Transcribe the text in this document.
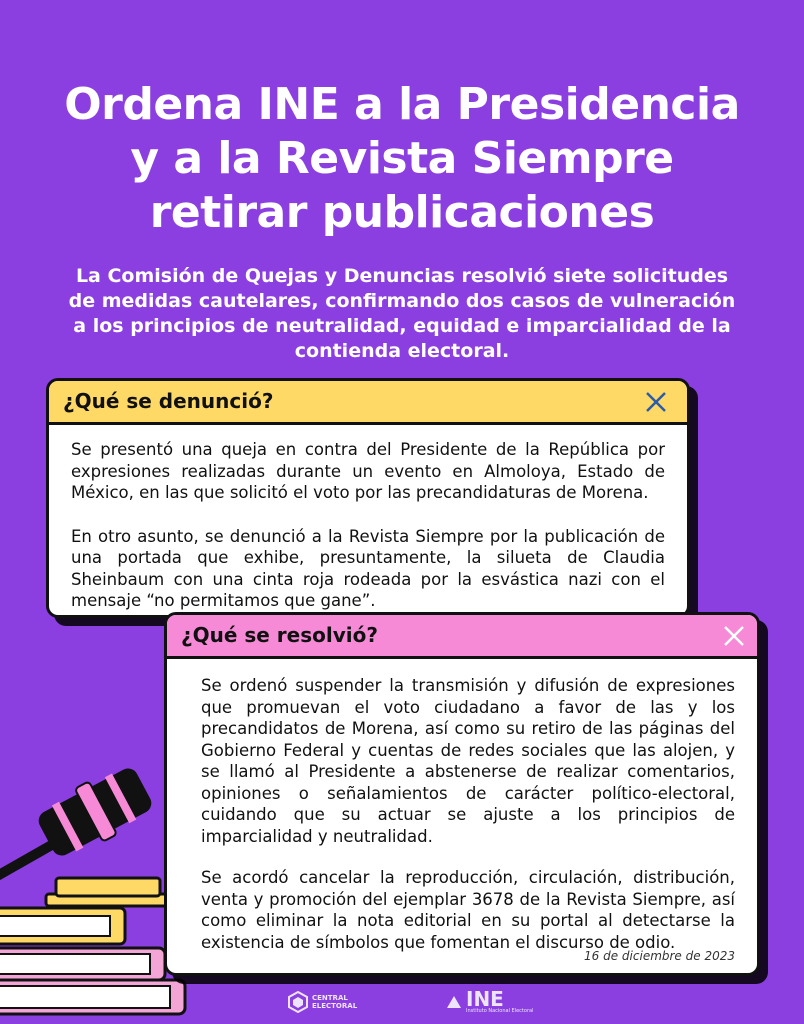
Ordena INE a la Presidencia
y a la Revista Siempre
retirar publicaciones
La Comisión de Quejas y Denuncias resolvió siete solicitudes de medidas cautelares, confirmando dos casos de vulneración a los principios de neutralidad, equidad e imparcialidad de la contienda electoral.
¿Qué se denunció?

Se presentó una queja en contra del Presidente de la República por expresiones realizadas durante un evento en Almoloya, Estado de México, en las que solicitó el voto por las precandidaturas de Morena.

En otro asunto, se denunció a la Revista Siempre por la publicación de una portada que exhibe, presuntamente, la silueta de Claudia Sheinbaum con una cinta roja rodeada por la esvástica nazi con el mensaje “no permitamos que gane”.

¿Qué se resolvió?

Se ordenó suspender la transmisión y difusión de expresiones que promuevan el voto ciudadano a favor de las y los precandidatos de Morena, así como su retiro de las páginas del Gobierno Federal y cuentas de redes sociales que las alojen, y se llamó al Presidente a abstenerse de realizar comentarios, opiniones o señalamientos de carácter político-electoral, cuidando que su actuar se ajuste a los principios de imparcialidad y neutralidad.

Se acordó cancelar la reproducción, circulación, distribución, venta y promoción del ejemplar 3678 de la Revista Siempre, así como eliminar la nota editorial en su portal al detectarse la existencia de símbolos que fomentan el discurso de odio.

16 de diciembre de 2023
CENTRAL
ELECTORAL	INE
Instituto Nacional Electoral
